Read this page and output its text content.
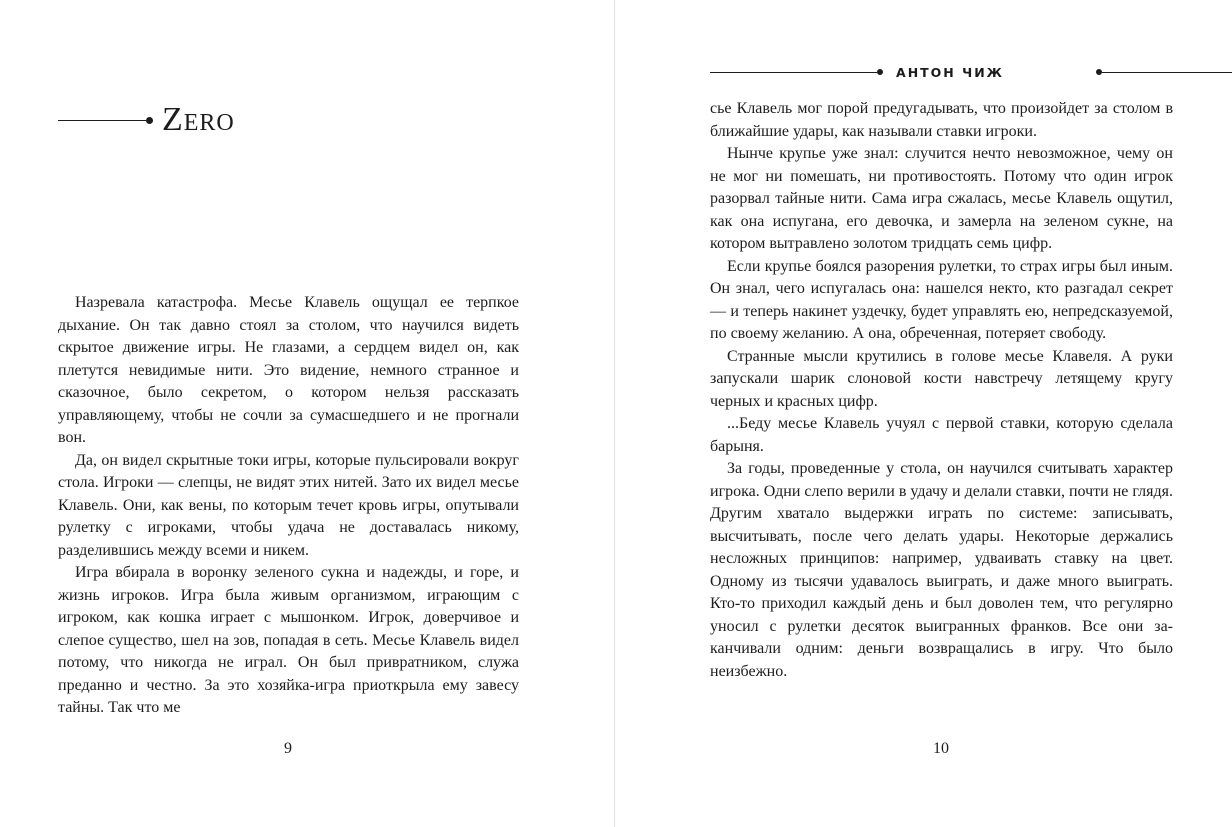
Zero

Назревала катастрофа. Месье Клавель ощущал ее терпкое дыхание. Он так давно стоял за столом, что научился видеть скрытое движение игры. Не глазами, а сердцем видел он, как плетутся невидимые нити. Это видение, немного странное и сказочное, было секретом, о котором нельзя рассказать управляющему, чтобы не сочли за сумасшедшего и не прогнали вон.

Да, он видел скрытные токи игры, которые пульсировали вокруг стола. Игроки — слепцы, не видят этих нитей. Зато их видел месье Клавель. Они, как вены, по которым течет кровь игры, опутывали рулетку с игроками, чтобы удача не доставалась никому, разделившись между всеми и никем.

Игра вбирала в воронку зеленого сукна и надежды, и горе, и жизнь игроков. Игра была живым организмом, играющим с игроком, как кошка играет с мышонком. Игрок, доверчивое и слепое существо, шел на зов, попадая в сеть. Месье Клавель видел потому, что никогда не играл. Он был привратником, служа преданно и честно. За это хозяйка-игра приоткрыла ему завесу тайны. Так что ме

9
АНТОН ЧИЖ

сье Клавель мог порой предугадывать, что произойдет за столом в ближайшие удары, как называли ставки игроки.

Нынче крупье уже знал: случится нечто невозможное, чему он не мог ни помешать, ни противостоять. Потому что один игрок разорвал тайные нити. Сама игра сжалась, месье Клавель ощутил, как она испугана, его девочка, и замерла на зеленом сукне, на котором вытравлено золотом тридцать семь цифр.

Если крупье боялся разорения рулетки, то страх игры был иным. Он знал, чего испугалась она: нашелся некто, кто разгадал секрет — и теперь накинет уздечку, будет управлять ею, непредсказуемой, по своему желанию. А она, обреченная, потеряет свободу.

Странные мысли крутились в голове месье Клавеля. А руки запускали шарик слоновой кости навстречу летящему кругу черных и красных цифр.

...Беду месье Клавель учуял с первой ставки, которую сделала барыня.

За годы, проведенные у стола, он научился считывать характер игрока. Одни слепо верили в удачу и делали ставки, почти не глядя. Другим хватало выдержки играть по системе: записывать, высчитывать, после чего делать удары. Некоторые держались несложных принципов: например, удваивать ставку на цвет. Одному из тысячи удавалось выиграть, и даже много выиграть. Кто-то приходил каждый день и был доволен тем, что регулярно уносил с рулетки десяток выигранных франков. Все они заканчивали одним: деньги возвращались в игру. Что было неизбежно.

10
